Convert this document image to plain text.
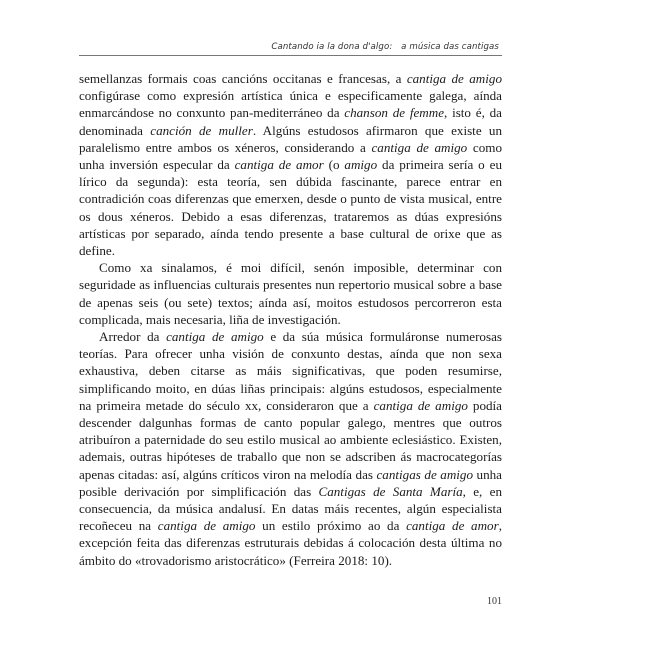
Cantando ia la dona d'algo: a música das cantigas

semellanzas formais coas cancións occitanas e francesas, a cantiga de amigo configúrase como expresión artística única e especificamente galega, aínda enmarcándose no conxunto pan-mediterráneo da chanson de femme, isto é, da denominada canción de muller. Algúns estudosos afirmaron que existe un paralelismo entre ambos os xéneros, considerando a cantiga de amigo como unha inversión especular da cantiga de amor (o amigo da primeira sería o eu lírico da segunda): esta teoría, sen dúbida fascinante, parece entrar en contradición coas diferenzas que emerxen, desde o punto de vista musical, entre os dous xéneros. Debido a esas diferenzas, trataremos as dúas expresións artísticas por separado, aínda tendo presente a base cultural de orixe que as define.

Como xa sinalamos, é moi difícil, senón imposible, determinar con seguridade as influencias culturais presentes nun repertorio musical sobre a base de apenas seis (ou sete) textos; aínda así, moitos estudosos percorreron esta complicada, mais necesaria, liña de investigación.

Arredor da cantiga de amigo e da súa música formuláronse numerosas teorías. Para ofrecer unha visión de conxunto destas, aínda que non sexa exhaustiva, deben citarse as máis significativas, que poden resumirse, simplificando moito, en dúas liñas principais: algúns estudosos, especialmente na primeira metade do século xx, consideraron que a cantiga de amigo podía descender dalgunhas formas de canto popular galego, mentres que outros atribuíron a paternidade do seu estilo musical ao ambiente eclesiástico. Existen, ademais, outras hipóteses de traballo que non se adscriben ás macrocategorías apenas citadas: así, algúns críticos viron na melodía das cantigas de amigo unha posible derivación por simplificación das Cantigas de Santa María, e, en consecuencia, da música andalusí. En datas máis recentes, algún especialista recoñeceu na cantiga de amigo un estilo próximo ao da cantiga de amor, excepción feita das diferenzas estruturais debidas á colocación desta última no ámbito do «trovadorismo aristocrático» (Ferreira 2018: 10).

101
